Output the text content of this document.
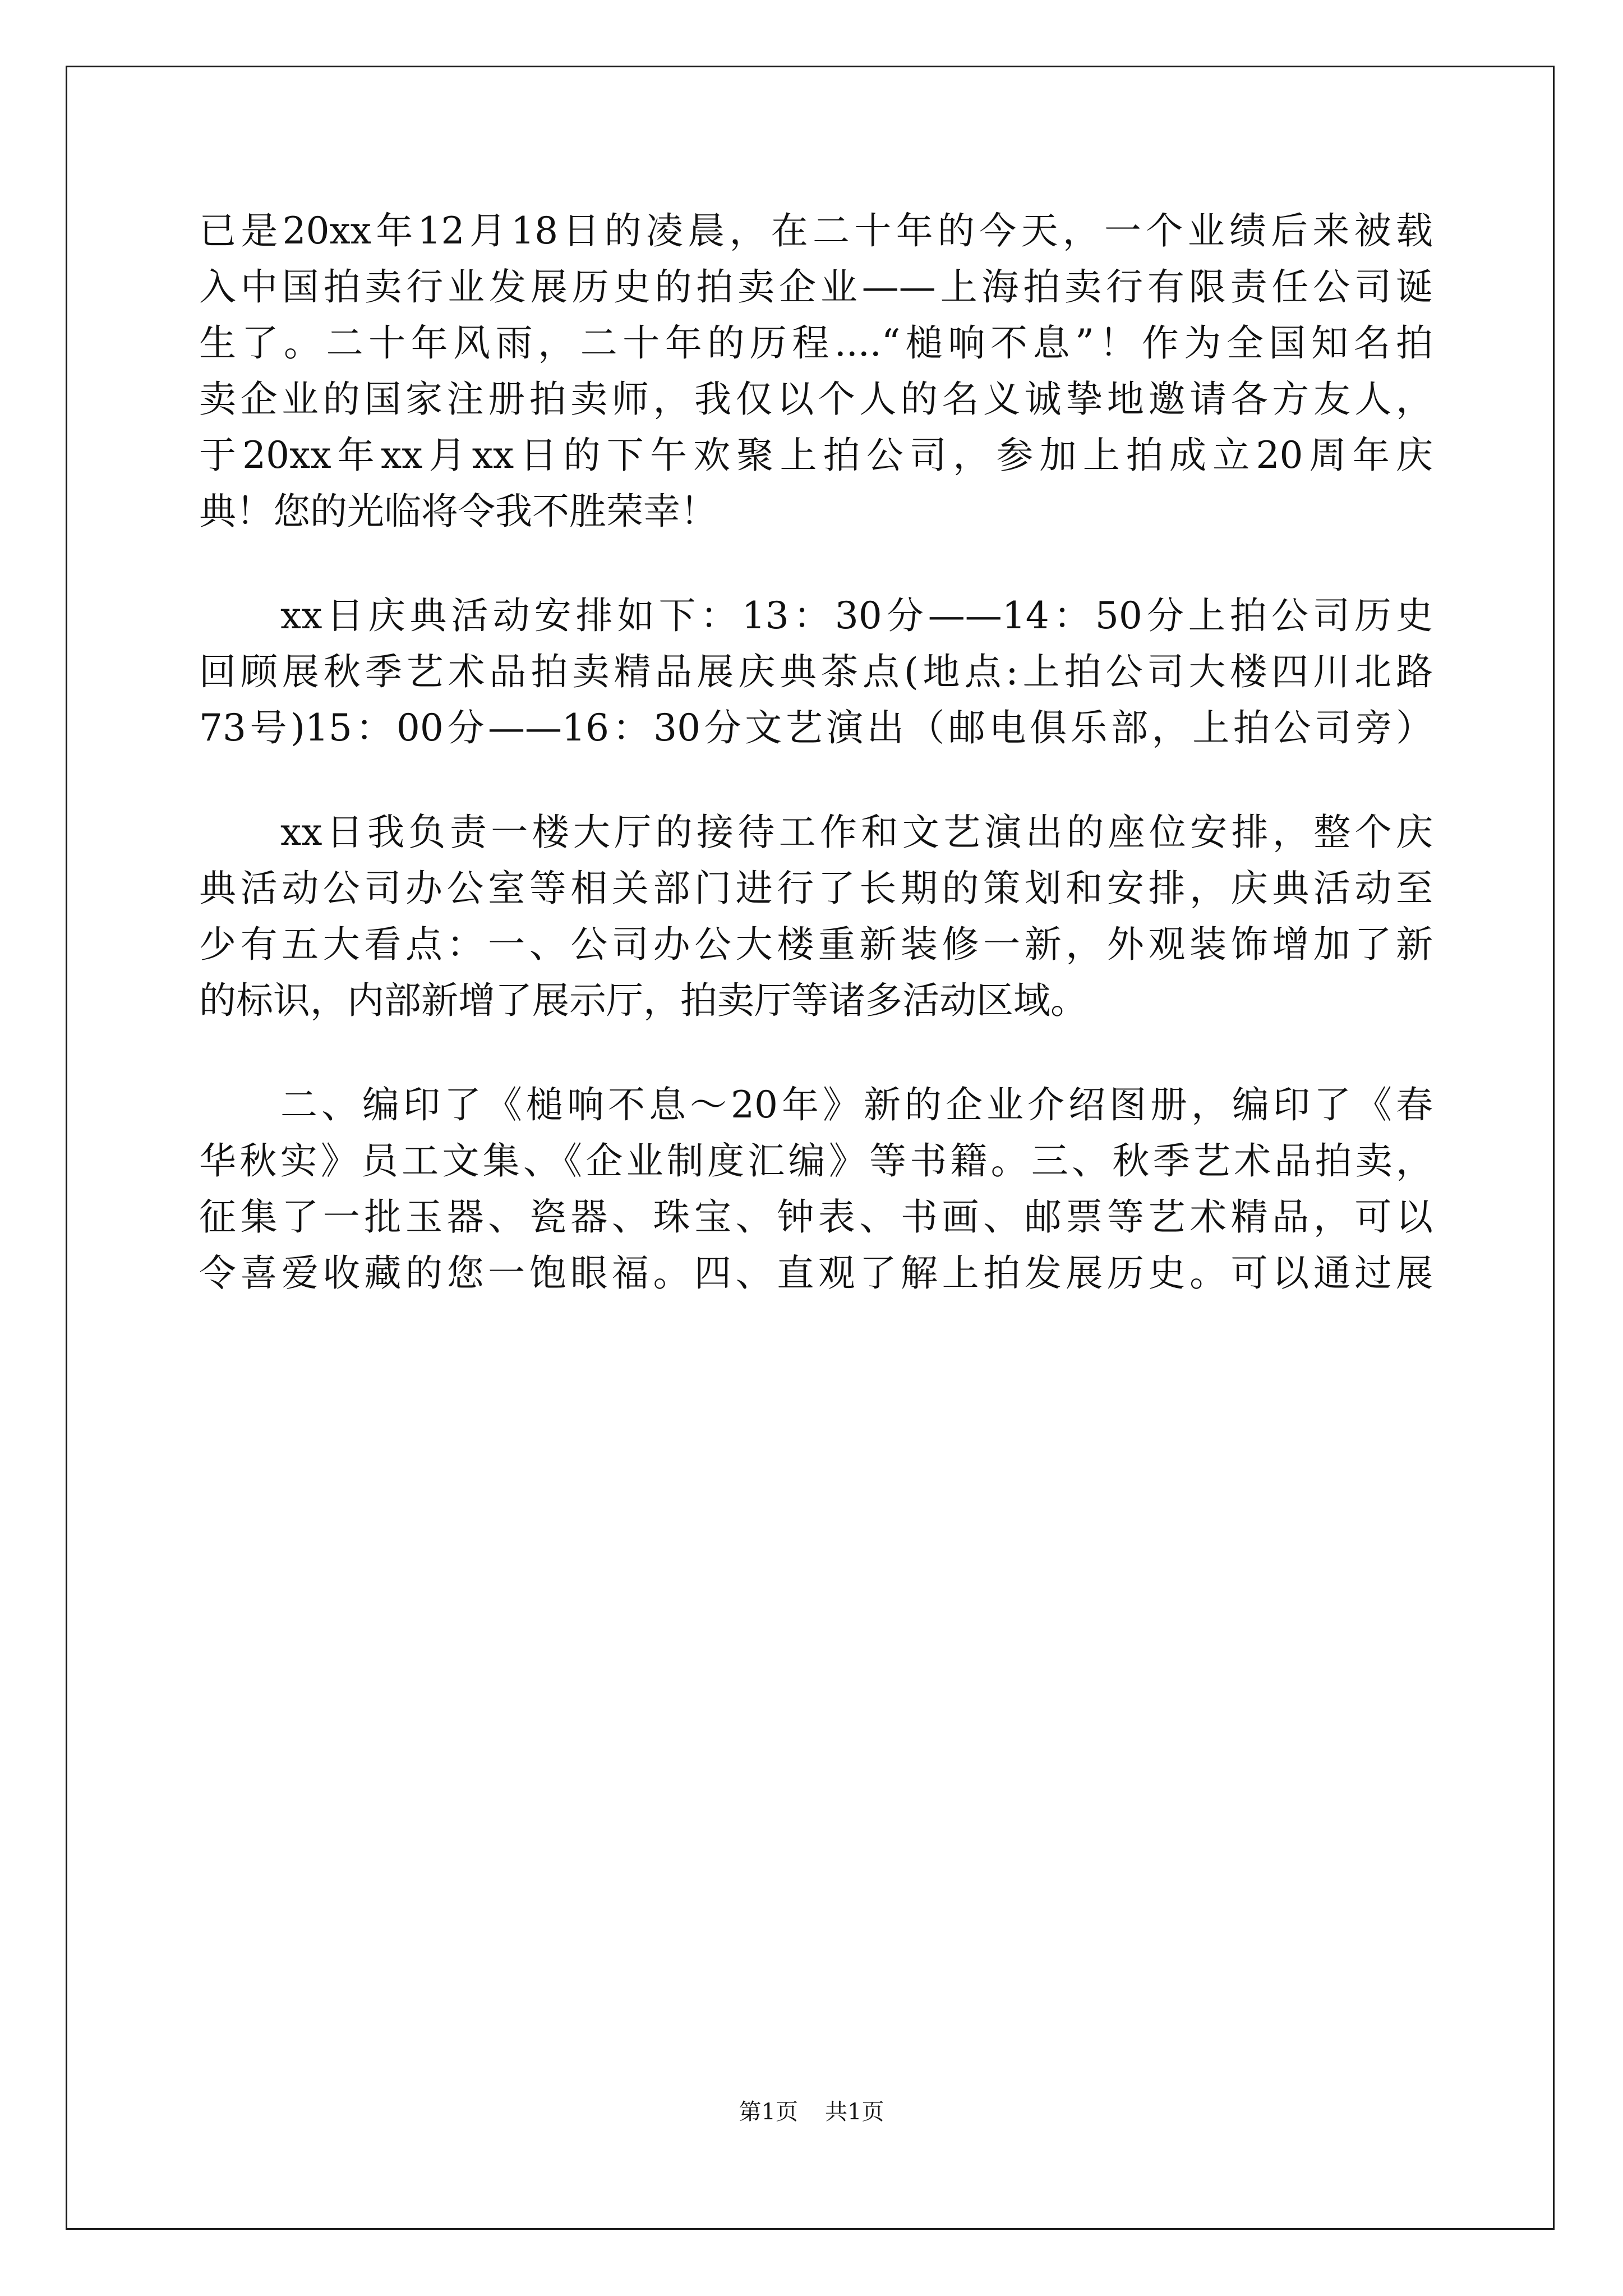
已是20xx年12月18日的凌晨，在二十年的今天，一个业绩后来被载
入中国拍卖行业发展历史的拍卖企业——上海拍卖行有限责任公司诞
生了。二十年风雨，二十年的历程....“槌响不息”！作为全国知名拍
卖企业的国家注册拍卖师，我仅以个人的名义诚挚地邀请各方友人，
于20xx年xx月xx日的下午欢聚上拍公司，参加上拍成立20周年庆
典！您的光临将令我不胜荣幸！
xx日庆典活动安排如下：13：30分——14：50分上拍公司历史
回顾展秋季艺术品拍卖精品展庆典茶点(地点:上拍公司大楼四川北路
73号)15：00分——16：30分文艺演出（邮电俱乐部，上拍公司旁）
xx日我负责一楼大厅的接待工作和文艺演出的座位安排，整个庆
典活动公司办公室等相关部门进行了长期的策划和安排，庆典活动至
少有五大看点：一、公司办公大楼重新装修一新，外观装饰增加了新
的标识，内部新增了展示厅，拍卖厅等诸多活动区域。
二、编印了《槌响不息～20年》新的企业介绍图册，编印了《春
华秋实》员工文集、《企业制度汇编》等书籍。三、秋季艺术品拍卖，
征集了一批玉器、瓷器、珠宝、钟表、书画、邮票等艺术精品，可以
令喜爱收藏的您一饱眼福。四、直观了解上拍发展历史。可以通过展
第1页 共1页
